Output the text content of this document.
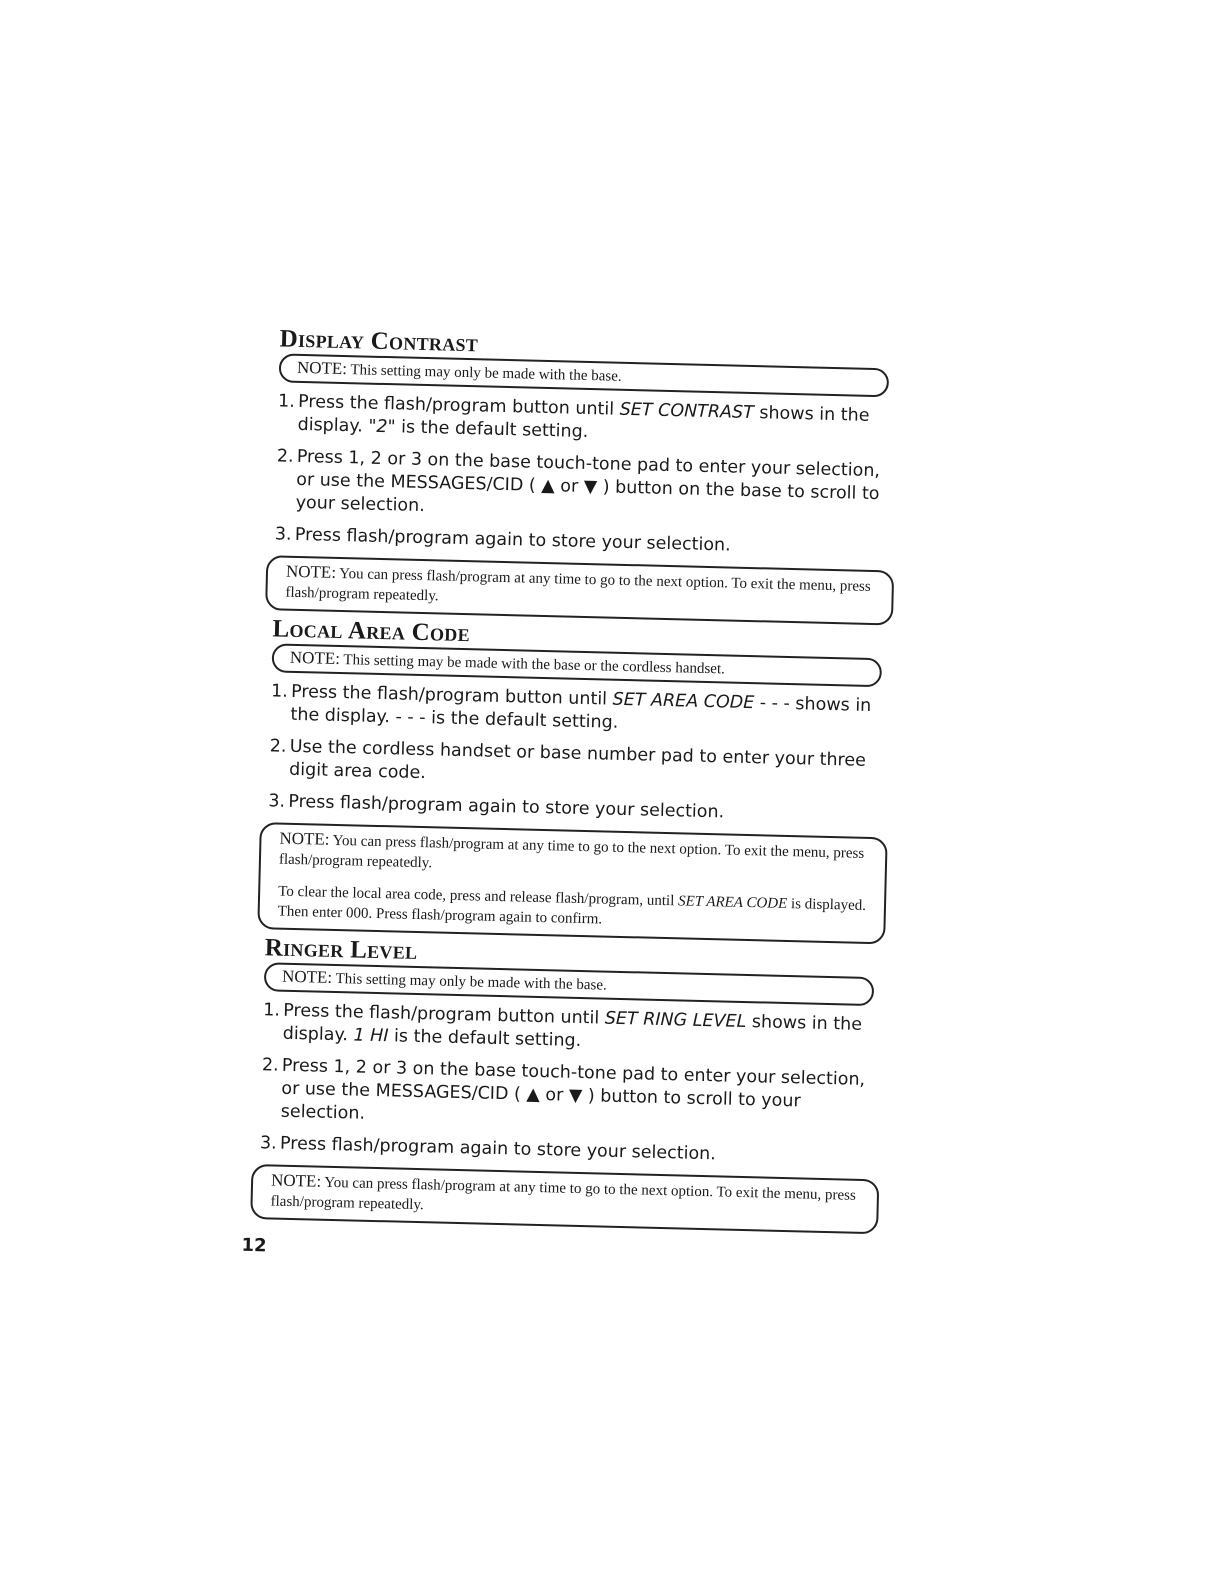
Display Contrast
NOTE: This setting may only be made with the base.
1. Press the flash/program button until SET CONTRAST shows in the display. "2" is the default setting.
2. Press 1, 2 or 3 on the base touch-tone pad to enter your selection, or use the MESSAGES/CID ( ▲ or ▼ ) button on the base to scroll to your selection.
3. Press flash/program again to store your selection.

NOTE: You can press flash/program at any time to go to the next option. To exit the menu, press flash/program repeatedly.

Local Area Code
NOTE: This setting may be made with the base or the cordless handset.
1. Press the flash/program button until SET AREA CODE - - - shows in the display. - - - is the default setting.
2. Use the cordless handset or base number pad to enter your three digit area code.
3. Press flash/program again to store your selection.

NOTE: You can press flash/program at any time to go to the next option. To exit the menu, press flash/program repeatedly.

To clear the local area code, press and release flash/program, until SET AREA CODE is displayed. Then enter 000. Press flash/program again to confirm.

Ringer Level
NOTE: This setting may only be made with the base.
1. Press the flash/program button until SET RING LEVEL shows in the display. 1 HI is the default setting.
2. Press 1, 2 or 3 on the base touch-tone pad to enter your selection, or use the MESSAGES/CID ( ▲ or ▼ ) button to scroll to your selection.
3. Press flash/program again to store your selection.

NOTE: You can press flash/program at any time to go to the next option. To exit the menu, press flash/program repeatedly.

12
